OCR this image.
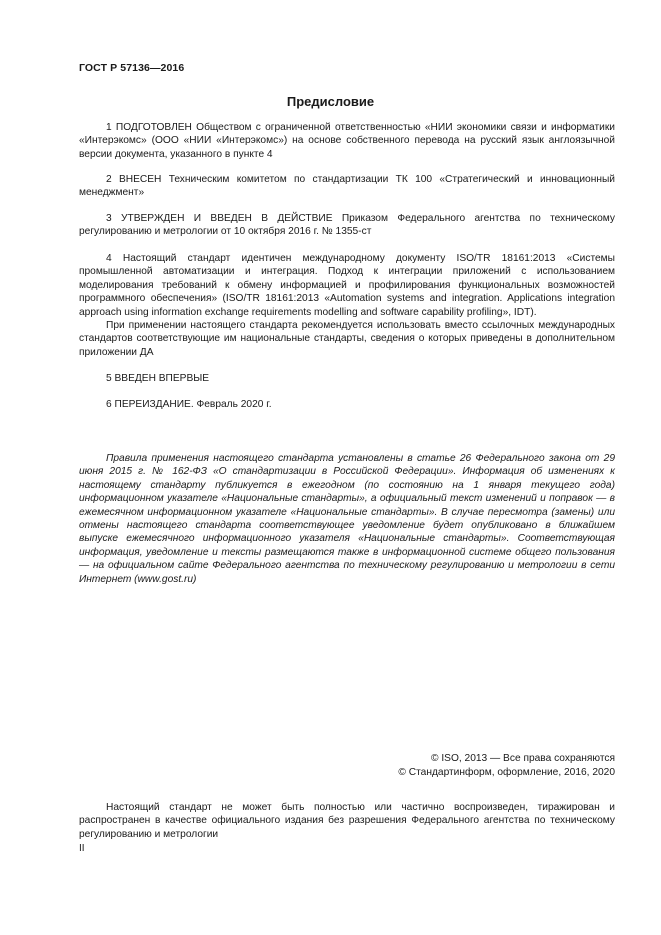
ГОСТ Р 57136—2016
Предисловие

1 ПОДГОТОВЛЕН Обществом с ограниченной ответственностью «НИИ экономики связи и информатики «Интерэкомс» (ООО «НИИ «Интерэкомс») на основе собственного перевода на русский язык англоязычной версии документа, указанного в пункте 4

2 ВНЕСЕН Техническим комитетом по стандартизации ТК 100 «Стратегический и инновационный менеджмент»

3 УТВЕРЖДЕН И ВВЕДЕН В ДЕЙСТВИЕ Приказом Федерального агентства по техническому регулированию и метрологии от 10 октября 2016 г. № 1355-ст

4 Настоящий стандарт идентичен международному документу ISO/TR 18161:2013 «Системы промышленной автоматизации и интеграция. Подход к интеграции приложений с использованием моделирования требований к обмену информацией и профилирования функциональных возможностей программного обеспечения» (ISO/TR 18161:2013 «Automation systems and integration. Applications integration approach using information exchange requirements modelling and software capability profiling», IDT).

При применении настоящего стандарта рекомендуется использовать вместо ссылочных международных стандартов соответствующие им национальные стандарты, сведения о которых приведены в дополнительном приложении ДА

5 ВВЕДЕН ВПЕРВЫЕ

6 ПЕРЕИЗДАНИЕ. Февраль 2020 г.

Правила применения настоящего стандарта установлены в статье 26 Федерального закона от 29 июня 2015 г. № 162-ФЗ «О стандартизации в Российской Федерации». Информация об изменениях к настоящему стандарту публикуется в ежегодном (по состоянию на 1 января текущего года) информационном указателе «Национальные стандарты», а официальный текст изменений и поправок — в ежемесячном информационном указателе «Национальные стандарты». В случае пересмотра (замены) или отмены настоящего стандарта соответствующее уведомление будет опубликовано в ближайшем выпуске ежемесячного информационного указателя «Национальные стандарты». Соответствующая информация, уведомление и тексты размещаются также в информационной системе общего пользования — на официальном сайте Федерального агентства по техническому регулированию и метрологии в сети Интернет (www.gost.ru)

© ISO, 2013 — Все права сохраняются

© Стандартинформ, оформление, 2016, 2020

Настоящий стандарт не может быть полностью или частично воспроизведен, тиражирован и распространен в качестве официального издания без разрешения Федерального агентства по техническому регулированию и метрологии

II
